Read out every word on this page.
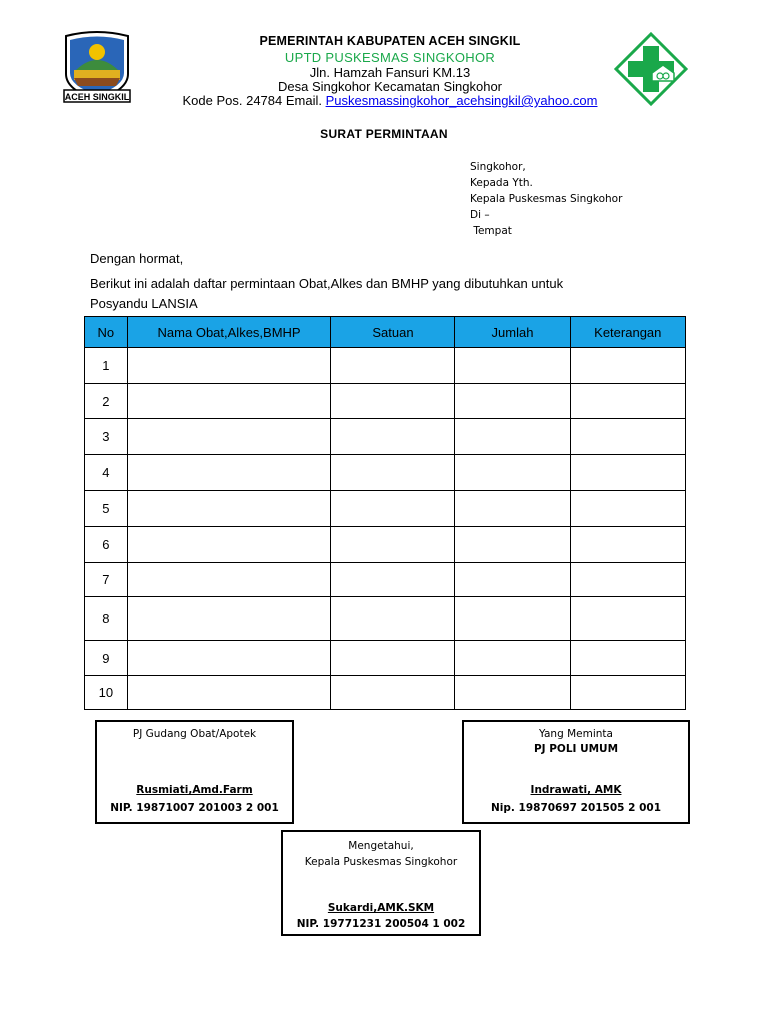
ACEH SINGKIL
PEMERINTAH KABUPATEN ACEH SINGKIL
UPTD PUSKESMAS SINGKOHOR
Jln. Hamzah Fansuri KM.13
Desa Singkohor Kecamatan Singkohor
Kode Pos. 24784 Email. Puskesmassingkohor_acehsingkil@yahoo.com
SURAT PERMINTAAN
Singkohor,
Kepada Yth.
Kepala Puskesmas Singkohor
Di –
Tempat
Dengan hormat,
Berikut ini adalah daftar permintaan Obat,Alkes dan BMHP yang dibutuhkan untuk
Posyandu LANSIA
No	Nama Obat,Alkes,BMHP	Satuan	Jumlah	Keterangan
1				
2				
3				
4				
5				
6				
7				
8				
9				
10				
PJ Gudang Obat/Apotek
Rusmiati,Amd.Farm
NIP. 19871007 201003 2 001
Yang Meminta
PJ POLI UMUM
Indrawati, AMK
Nip. 19870697 201505 2 001
Mengetahui,
Kepala Puskesmas Singkohor
Sukardi,AMK.SKM
NIP. 19771231 200504 1 002
